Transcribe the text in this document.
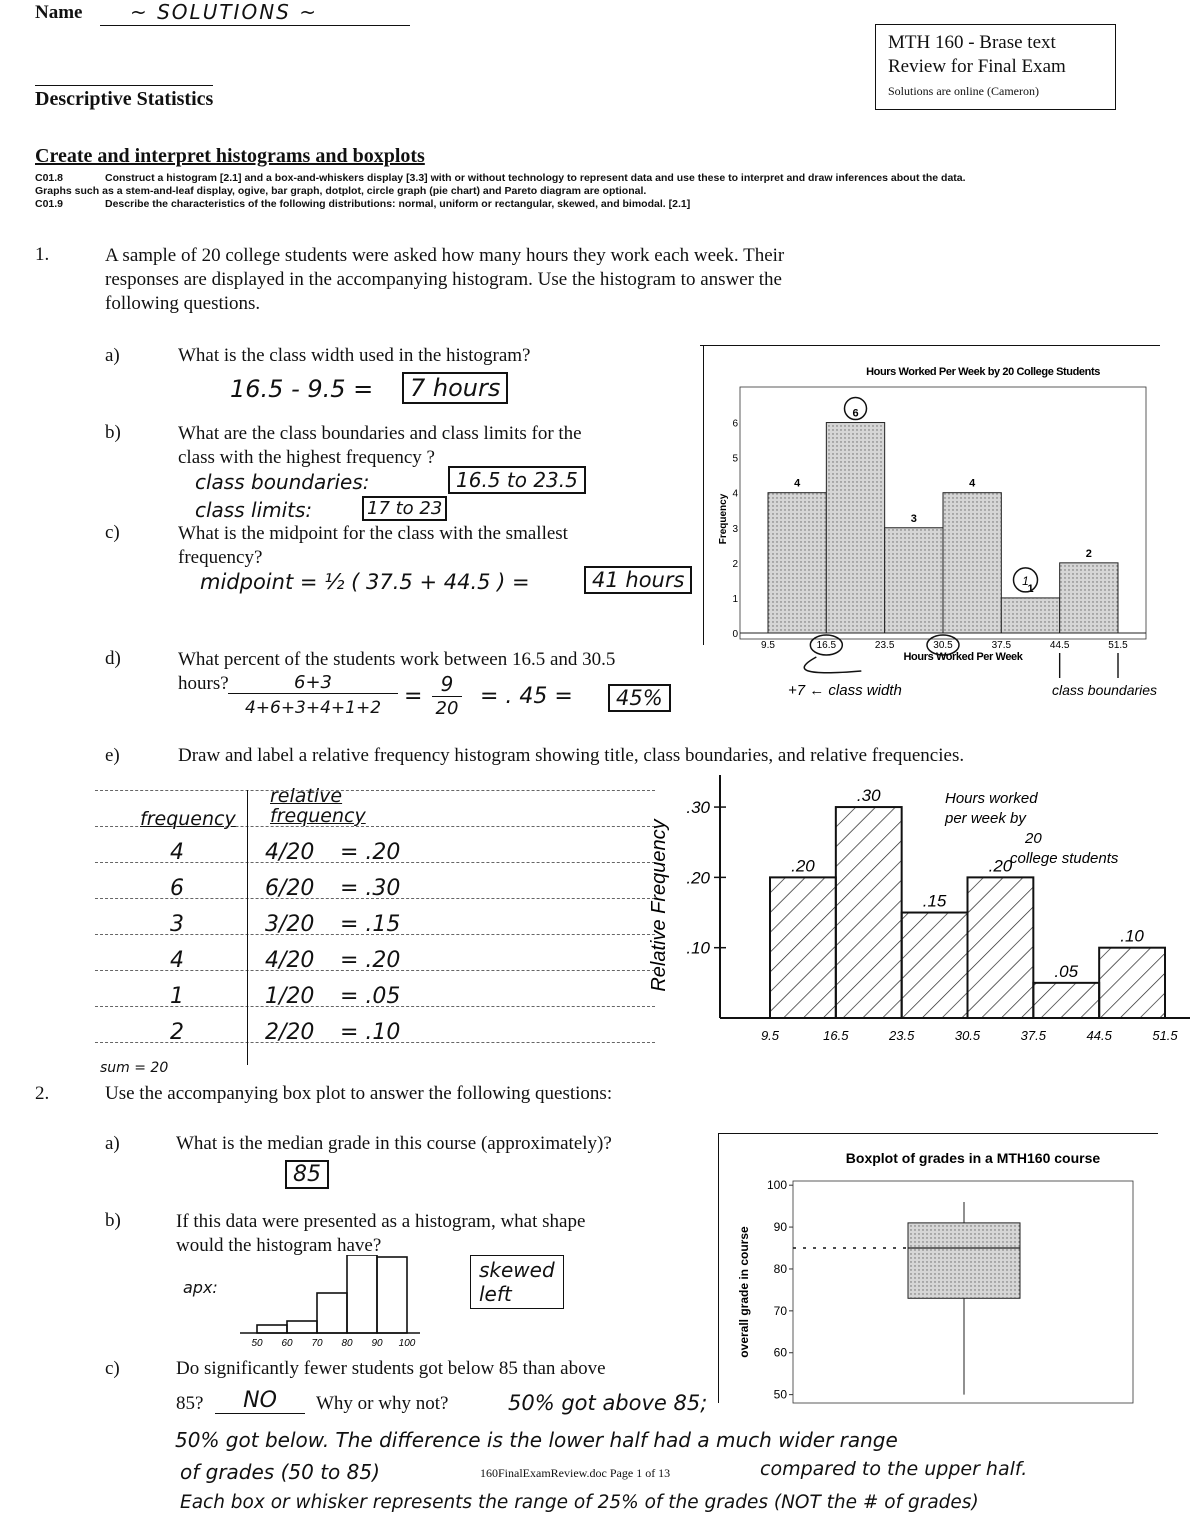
Name ~ SOLUTIONS ~
MTH 160 - Brase text
Review for Final Exam
Solutions are online (Cameron)
Descriptive Statistics
Create and interpret histograms and boxplots
C01.8	Construct a histogram [2.1] and a box-and-whiskers display [3.3] with or without technology to represent data and use these to interpret and draw inferences about the data.
Graphs such as a stem-and-leaf display, ogive, bar graph, dotplot, circle graph (pie chart) and Pareto diagram are optional.
C01.9	Describe the characteristics of the following distributions: normal, uniform or rectangular, skewed, and bimodal. [2.1]
1.	A sample of 20 college students were asked how many hours they work each week. Their
responses are displayed in the accompanying histogram. Use the histogram to answer the
following questions.
a)	What is the class width used in the histogram?
16.5 - 9.5 =	7 hours
b)	What are the class boundaries and class limits for the
class with the highest frequency ?
class boundaries:	16.5 to 23.5
class limits:	17 to 23
c)	What is the midpoint for the class with the smallest
frequency?
midpoint = ½ ( 37.5 + 44.5 ) =	41 hours
d)	What percent of the students work between 16.5 and 30.5
hours?	6+3
4+6+3+4+1+2	= 9
20 = . 45 =	45%
Hours Worked Per Week by 20 College Students
4
6
3
4
1
2
0
1
2
3
4
5
6
9.5	16.5	23.5	30.5	37.5	44.5	51.5
Hours Worked Per Week
Frequency
1
+7 ← class width	class boundaries
e)	Draw and label a relative frequency histogram showing title, class boundaries, and relative frequencies.
frequency
relative
frequency
4	4/20 = .20
6	6/20 = .30
3	3/20 = .15
4	4/20 = .20
1	1/20 = .05
2	2/20 = .10
sum = 20
Relative Frequency .10
.20
.30
.20
.30
.15
.20
.05
.10
9.5	16.5	23.5	30.5	37.5	44.5	51.5
Hours worked
per week by
20
college students
2.	Use the accompanying box plot to answer the following questions:
a)	What is the median grade in this course (approximately)?
85
b)	If this data were presented as a histogram, what shape
would the histogram have?
apx:
50 60 70 80 90 100
skewed
left
c)	Do significantly fewer students got below 85 than above
85?	NO	Why or why not?	50% got above 85;
50% got below. The difference is the lower half had a much wider range
of grades (50 to 85)	160FinalExamReview.doc Page 1 of 13	compared to the upper half.
Each box or whisker represents the range of 25% of the grades (NOT the # of grades)
Boxplot of grades in a MTH160 course
50
60
70
80
90
100
overall grade in course
